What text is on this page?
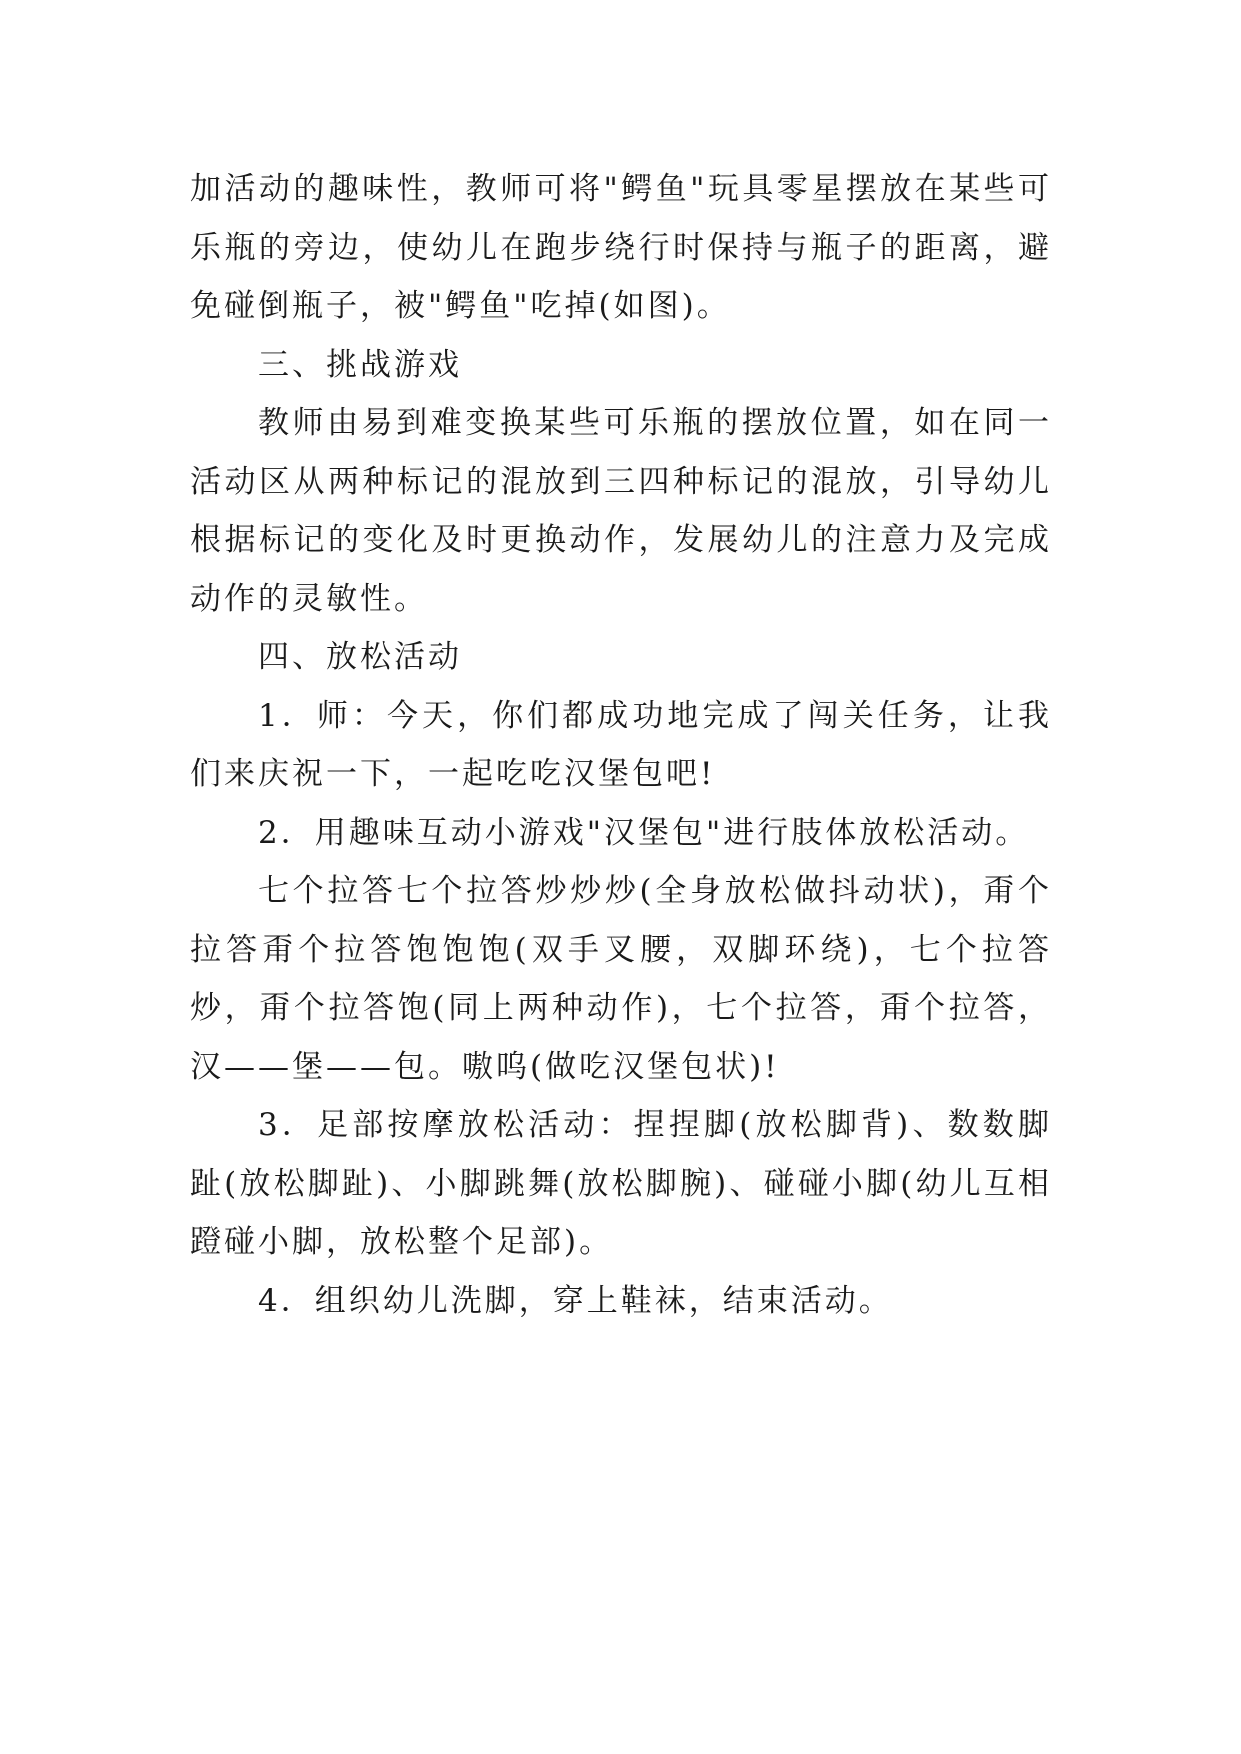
加活动的趣味性，教师可将"鳄鱼"玩具零星摆放在某些可乐瓶的旁边，使幼儿在跑步绕行时保持与瓶子的距离，避免碰倒瓶子，被"鳄鱼"吃掉(如图)。

三、挑战游戏

教师由易到难变换某些可乐瓶的摆放位置，如在同一活动区从两种标记的混放到三四种标记的混放，引导幼儿根据标记的变化及时更换动作，发展幼儿的注意力及完成动作的灵敏性。

四、放松活动

1．师：今天，你们都成功地完成了闯关任务，让我们来庆祝一下，一起吃吃汉堡包吧!

2．用趣味互动小游戏"汉堡包"进行肢体放松活动。

七个拉答七个拉答炒炒炒(全身放松做抖动状)，甭个拉答甭个拉答饱饱饱(双手叉腰，双脚环绕)，七个拉答炒，甭个拉答饱(同上两种动作)，七个拉答，甭个拉答，汉——堡——包。嗷呜(做吃汉堡包状)!

3．足部按摩放松活动：捏捏脚(放松脚背)、数数脚趾(放松脚趾)、小脚跳舞(放松脚腕)、碰碰小脚(幼儿互相蹬碰小脚，放松整个足部)。

4．组织幼儿洗脚，穿上鞋袜，结束活动。
